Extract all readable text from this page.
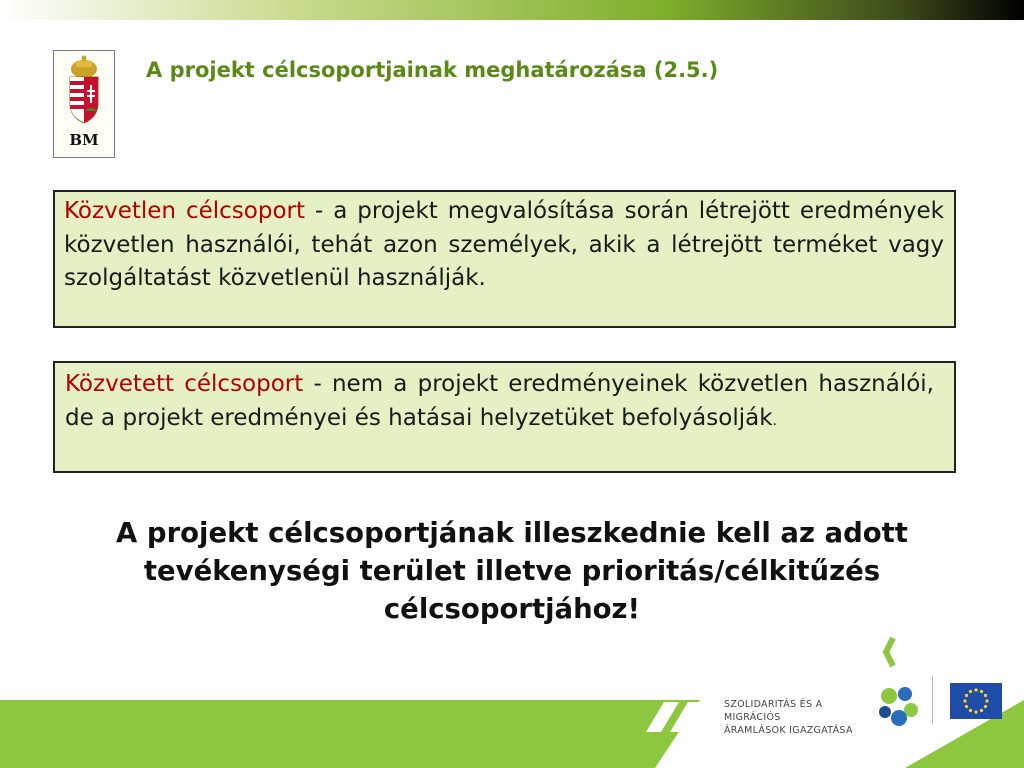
BM
A projekt célcsoportjainak meghatározása (2.5.)
Közvetlen célcsoport - a projekt megvalósítása során létrejött eredmények közvetlen használói, tehát azon személyek, akik a létrejött terméket vagy szolgáltatást közvetlenül használják.
Közvetett célcsoport - nem a projekt eredményeinek közvetlen használói, de a projekt eredményei és hatásai helyzetüket befolyásolják.

A projekt célcsoportjának illeszkednie kell az adott tevékenységi terület illetve prioritás/célkitűzés célcsoportjához!

SZOLIDARITÁS ÉS A MIGRÁCIÓS
ÁRAMLÁSOK IGAZGATÁSA
